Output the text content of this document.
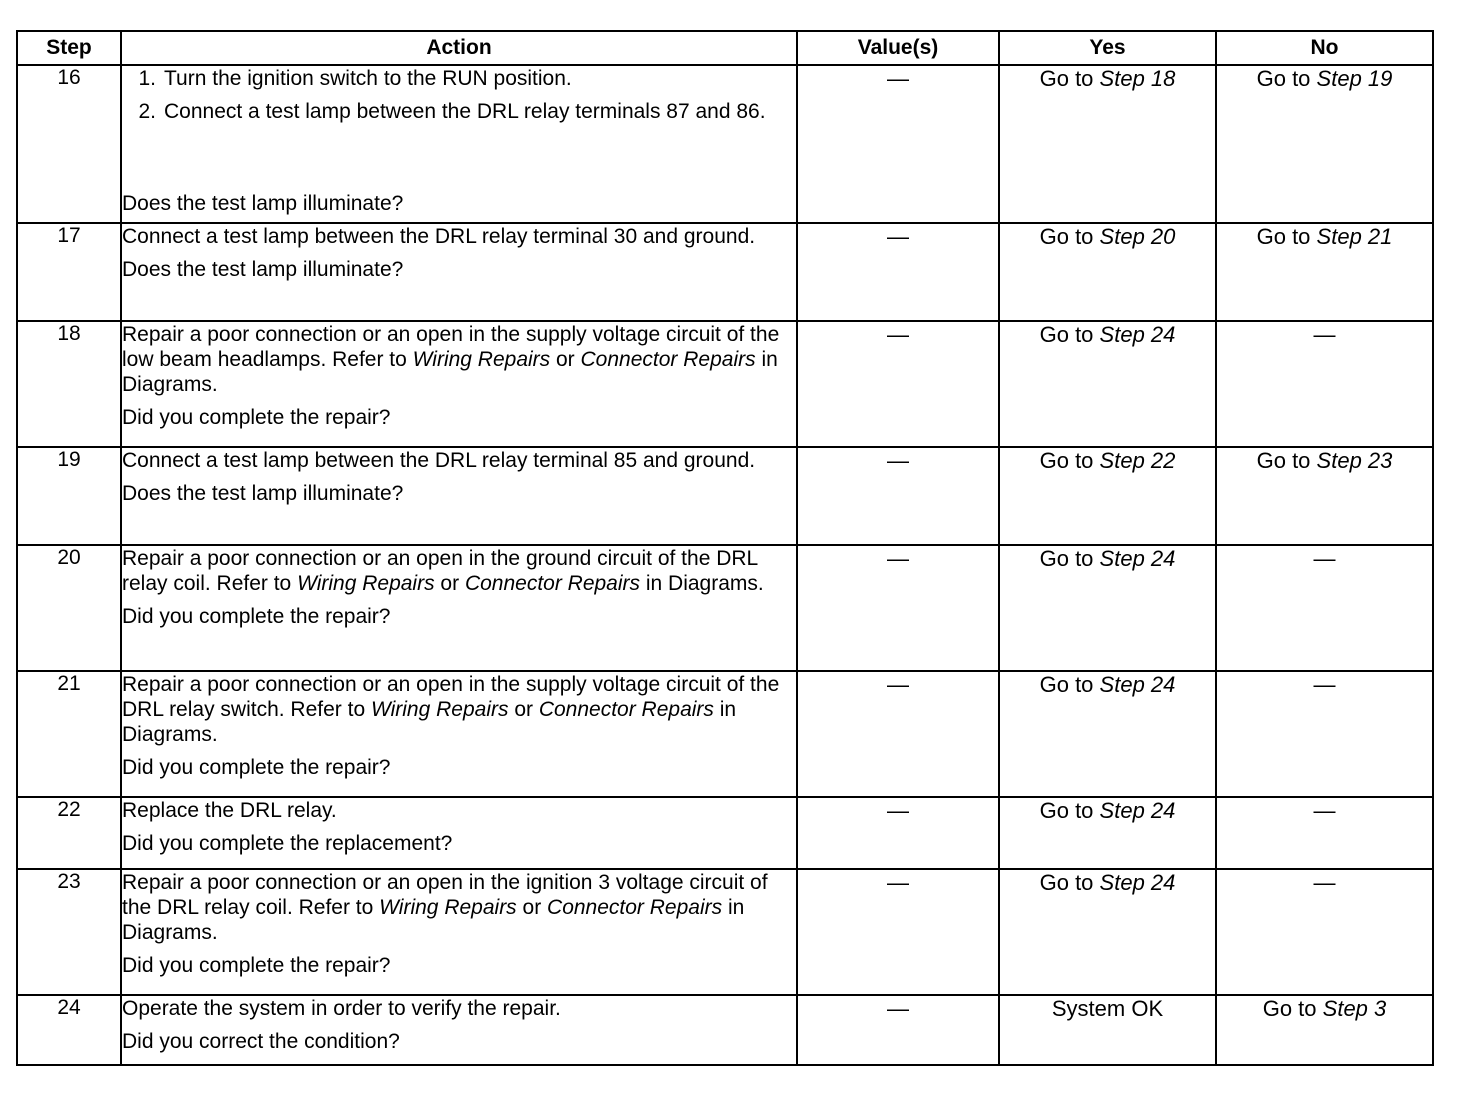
Step	Action	Value(s)	Yes	No
16	1. Turn the ignition switch to the RUN position.
2. Connect a test lamp between the DRL relay terminals 87 and 86.
Does the test lamp illuminate?	—	Go to Step 18	Go to Step 19
17	Connect a test lamp between the DRL relay terminal 30 and ground.
Does the test lamp illuminate?	—	Go to Step 20	Go to Step 21
18	Repair a poor connection or an open in the supply voltage circuit of the low beam headlamps. Refer to Wiring Repairs or Connector Repairs in Diagrams.
Did you complete the repair?	—	Go to Step 24	—
19	Connect a test lamp between the DRL relay terminal 85 and ground.
Does the test lamp illuminate?	—	Go to Step 22	Go to Step 23
20	Repair a poor connection or an open in the ground circuit of the DRL relay coil. Refer to Wiring Repairs or Connector Repairs in Diagrams.
Did you complete the repair?	—	Go to Step 24	—
21	Repair a poor connection or an open in the supply voltage circuit of the DRL relay switch. Refer to Wiring Repairs or Connector Repairs in Diagrams.
Did you complete the repair?	—	Go to Step 24	—
22	Replace the DRL relay.
Did you complete the replacement?	—	Go to Step 24	—
23	Repair a poor connection or an open in the ignition 3 voltage circuit of the DRL relay coil. Refer to Wiring Repairs or Connector Repairs in Diagrams.
Did you complete the repair?	—	Go to Step 24	—
24	Operate the system in order to verify the repair.
Did you correct the condition?	—	System OK	Go to Step 3
